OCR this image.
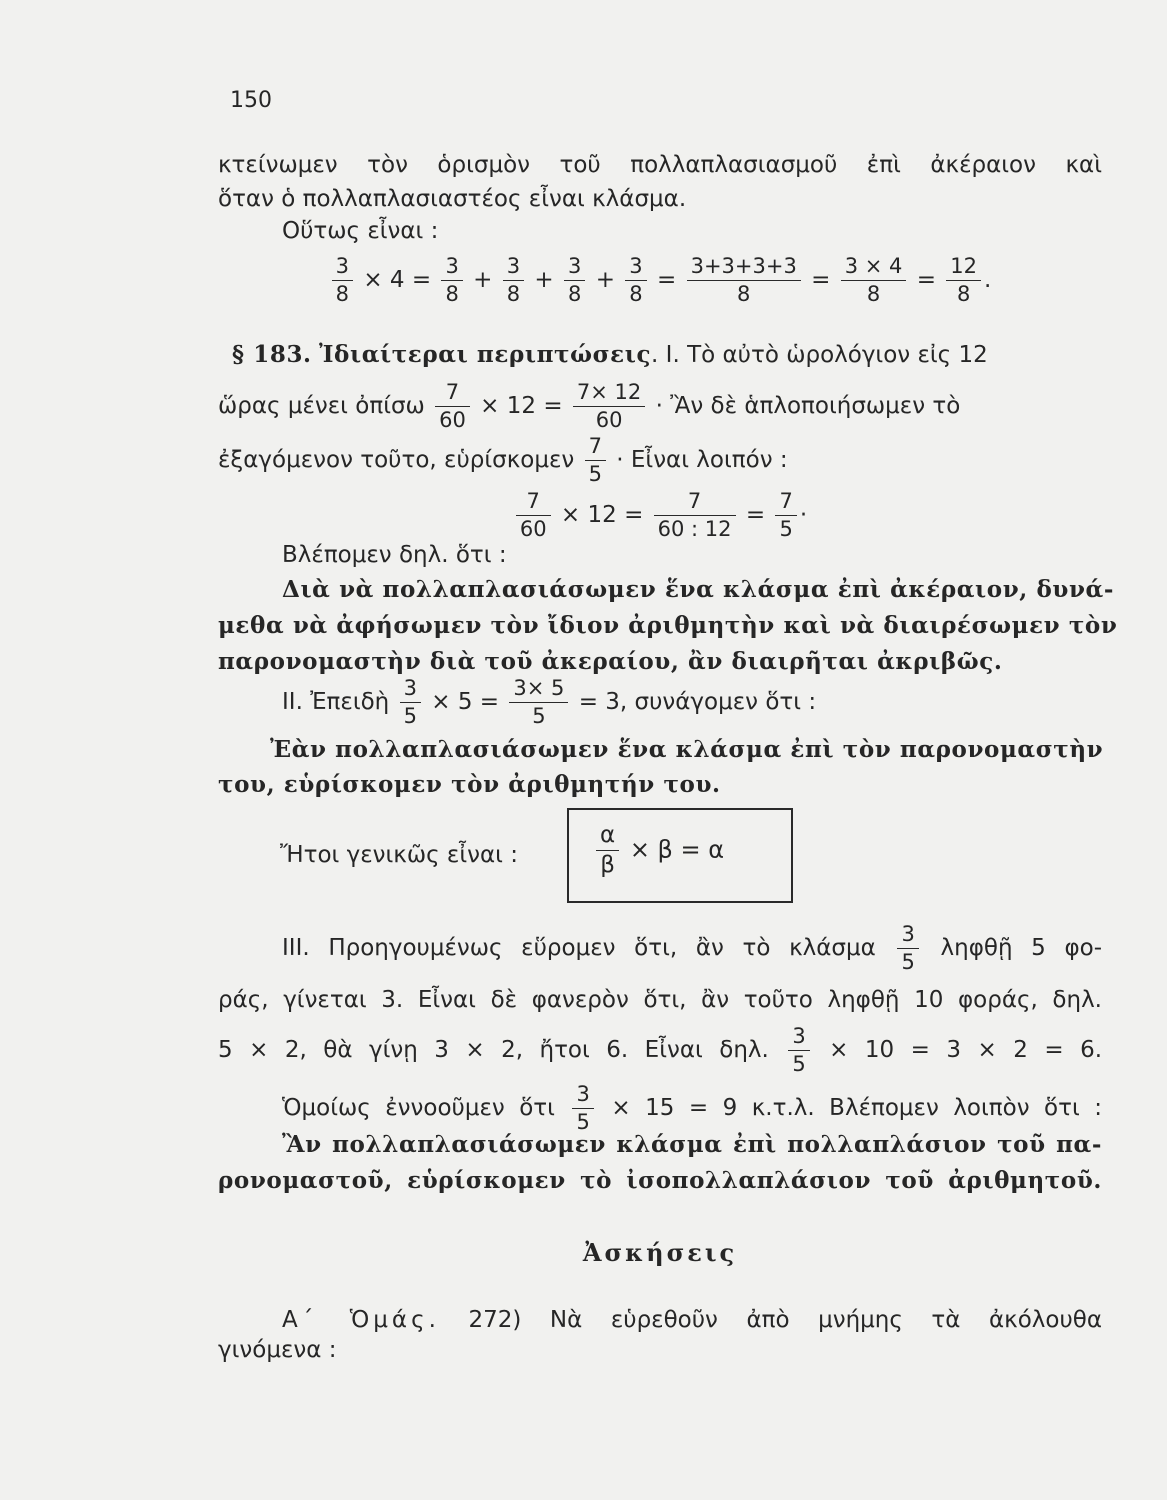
150
κτείνωμεν τὸν ὁρισμὸν τοῦ πολλαπλασιασμοῦ ἐπὶ ἀκέραιον καὶ
ὅταν ὁ πολλαπλασιαστέος εἶναι κλάσμα.
Οὕτως εἶναι :
$\frac{3}{8} \times 4 = \frac{3}{8} + \frac{3}{8} + \frac{3}{8} + \frac{3}{8} = \frac{3+3+3+3}{8} = \frac{3 \times 4}{8} = \frac{12}{8}$ .
§ 183. Ἰδιαίτεραι περιπτώσεις. Ι. Τὸ αὐτὸ ὡρολόγιον εἰς 12
ὥρας μένει ὀπίσω $\frac{7}{60} \times 12 = \frac{7\times 12}{60}$ · Ἂν δὲ ἁπλοποιήσωμεν τὸ
ἐξαγόμενον τοῦτο, εὑρίσκομεν $\frac{7}{5}$ · Εἶναι λοιπόν :
$\frac{7}{60} \times 12 = \frac{7}{60 : 12} = \frac{7}{5}$ ·
Βλέπομεν δηλ. ὅτι :
Διὰ νὰ πολλαπλασιάσωμεν ἕνα κλάσμα ἐπὶ ἀκέραιον, δυνά-
μεθα νὰ ἀφήσωμεν τὸν ἴδιον ἀριθμητὴν καὶ νὰ διαιρέσωμεν τὸν
παρονομαστὴν διὰ τοῦ ἀκεραίου, ἂν διαιρῆται ἀκριβῶς.
ΙΙ. Ἐπειδὴ $\frac{3}{5} \times 5 = \frac{3\times 5}{5} = 3$, συνάγομεν ὅτι :
Ἐὰν πολλαπλασιάσωμεν ἕνα κλάσμα ἐπὶ τὸν παρονομαστὴν
του, εὑρίσκομεν τὸν ἀριθμητήν του.
Ἤτοι γενικῶς εἶναι :	$\frac{\alpha}{\beta} \times \beta = \alpha$
ΙΙΙ. Προηγουμένως εὕρομεν ὅτι, ἂν τὸ κλάσμα $\frac{3}{5}$ ληφθῇ 5 φο-
ράς, γίνεται 3. Εἶναι δὲ φανερὸν ὅτι, ἂν τοῦτο ληφθῇ 10 φοράς, δηλ.
5 × 2, θὰ γίνῃ 3 × 2, ἤτοι 6. Εἶναι δηλ. $\frac{3}{5} \times 10 = 3 \times 2 = 6$.
Ὁμοίως ἐννοοῦμεν ὅτι $\frac{3}{5} \times 15 = 9$ κ.τ.λ. Βλέπομεν λοιπὸν ὅτι :
Ἂν πολλαπλασιάσωμεν κλάσμα ἐπὶ πολλαπλάσιον τοῦ πα-
ρονομαστοῦ, εὑρίσκομεν τὸ ἰσοπολλαπλάσιον τοῦ ἀριθμητοῦ.
Ἀσκήσεις
Α΄ Ὁμάς. 272) Νὰ εὑρεθοῦν ἀπὸ μνήμης τὰ ἀκόλουθα
γινόμενα :
